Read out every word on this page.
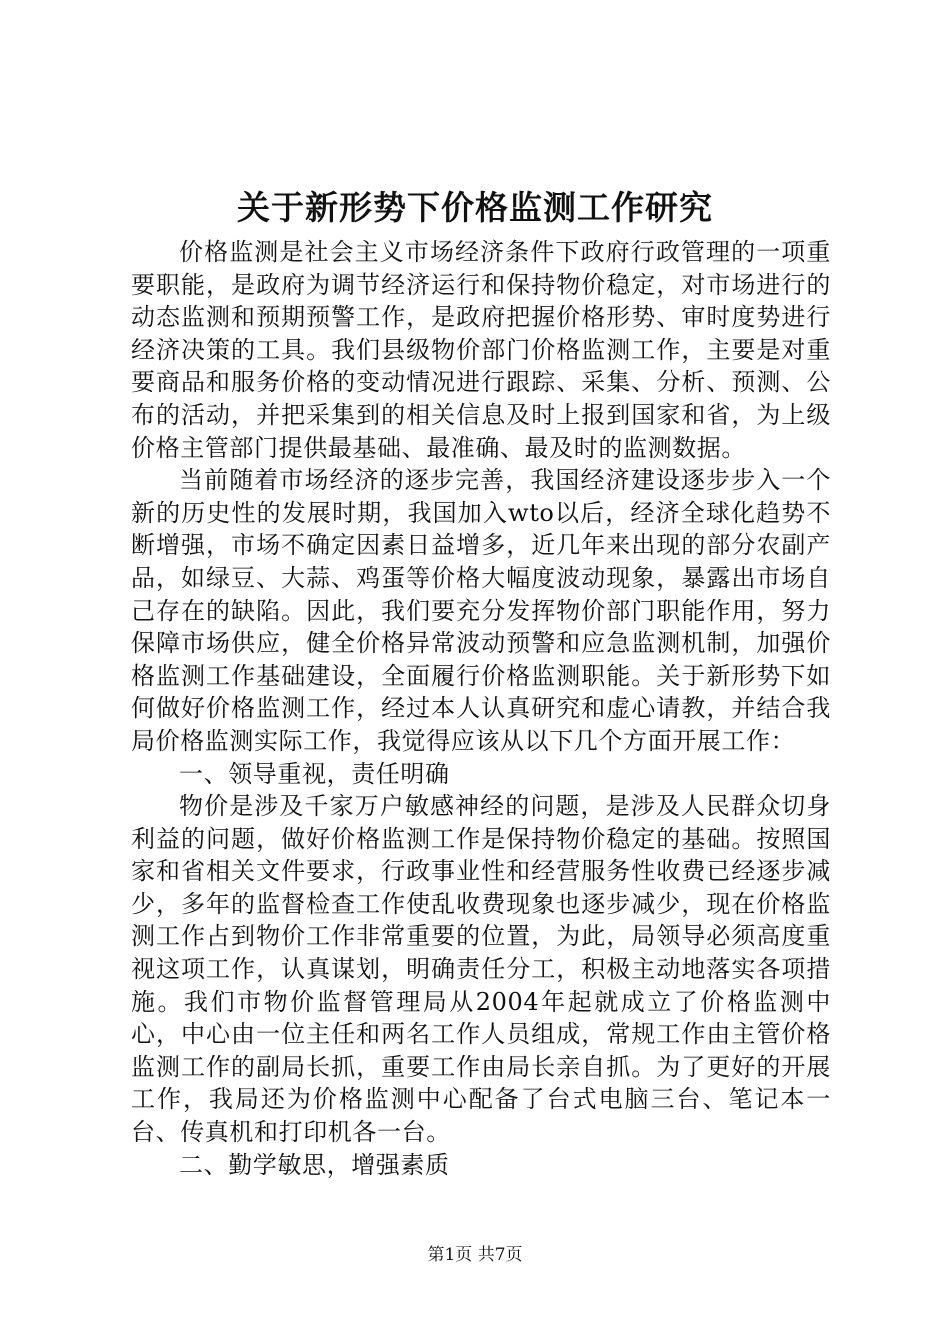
关于新形势下价格监测工作研究

价格监测是社会主义市场经济条件下政府行政管理的一项重要职能，是政府为调节经济运行和保持物价稳定，对市场进行的动态监测和预期预警工作，是政府把握价格形势、审时度势进行经济决策的工具。我们县级物价部门价格监测工作，主要是对重要商品和服务价格的变动情况进行跟踪、采集、分析、预测、公布的活动，并把采集到的相关信息及时上报到国家和省，为上级价格主管部门提供最基础、最准确、最及时的监测数据。

当前随着市场经济的逐步完善，我国经济建设逐步步入一个新的历史性的发展时期，我国加入wto以后，经济全球化趋势不断增强，市场不确定因素日益增多，近几年来出现的部分农副产品，如绿豆、大蒜、鸡蛋等价格大幅度波动现象，暴露出市场自己存在的缺陷。因此，我们要充分发挥物价部门职能作用，努力保障市场供应，健全价格异常波动预警和应急监测机制，加强价格监测工作基础建设，全面履行价格监测职能。关于新形势下如何做好价格监测工作，经过本人认真研究和虚心请教，并结合我局价格监测实际工作，我觉得应该从以下几个方面开展工作：

一、领导重视，责任明确

物价是涉及千家万户敏感神经的问题，是涉及人民群众切身利益的问题，做好价格监测工作是保持物价稳定的基础。按照国家和省相关文件要求，行政事业性和经营服务性收费已经逐步减少，多年的监督检查工作使乱收费现象也逐步减少，现在价格监测工作占到物价工作非常重要的位置，为此，局领导必须高度重视这项工作，认真谋划，明确责任分工，积极主动地落实各项措施。我们市物价监督管理局从2004年起就成立了价格监测中心，中心由一位主任和两名工作人员组成，常规工作由主管价格监测工作的副局长抓，重要工作由局长亲自抓。为了更好的开展工作，我局还为价格监测中心配备了台式电脑三台、笔记本一台、传真机和打印机各一台。

二、勤学敏思，增强素质

第1页 共7页
